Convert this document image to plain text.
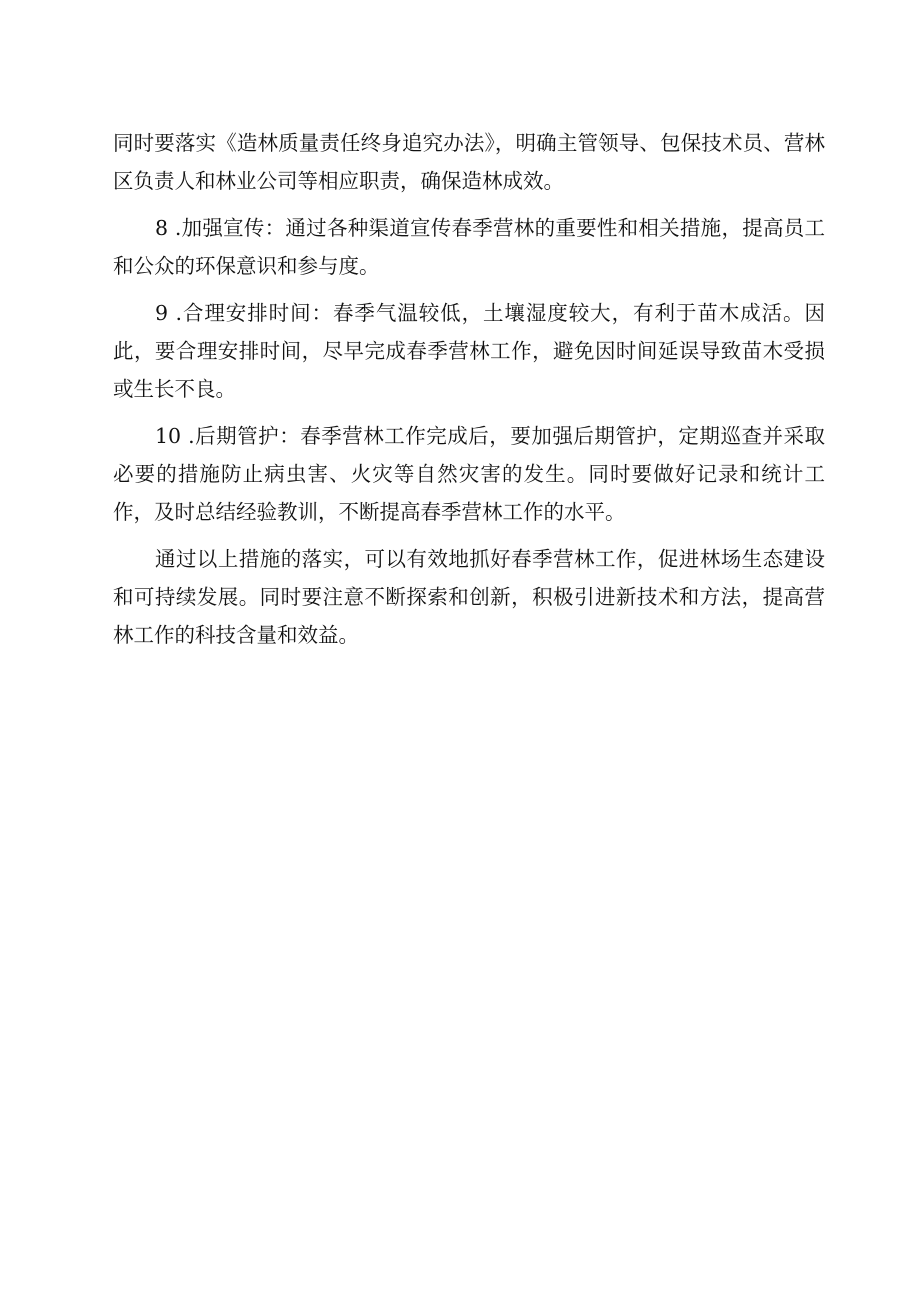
同时要落实《造林质量责任终身追究办法》，明确主管领导、包保技术员、营林区负责人和林业公司等相应职责，确保造林成效。

8 .加强宣传：通过各种渠道宣传春季营林的重要性和相关措施，提高员工和公众的环保意识和参与度。

9 .合理安排时间：春季气温较低，土壤湿度较大，有利于苗木成活。因此，要合理安排时间，尽早完成春季营林工作，避免因时间延误导致苗木受损或生长不良。

10 .后期管护：春季营林工作完成后，要加强后期管护，定期巡查并采取必要的措施防止病虫害、火灾等自然灾害的发生。同时要做好记录和统计工作，及时总结经验教训，不断提高春季营林工作的水平。

通过以上措施的落实，可以有效地抓好春季营林工作，促进林场生态建设和可持续发展。同时要注意不断探索和创新，积极引进新技术和方法，提高营林工作的科技含量和效益。
